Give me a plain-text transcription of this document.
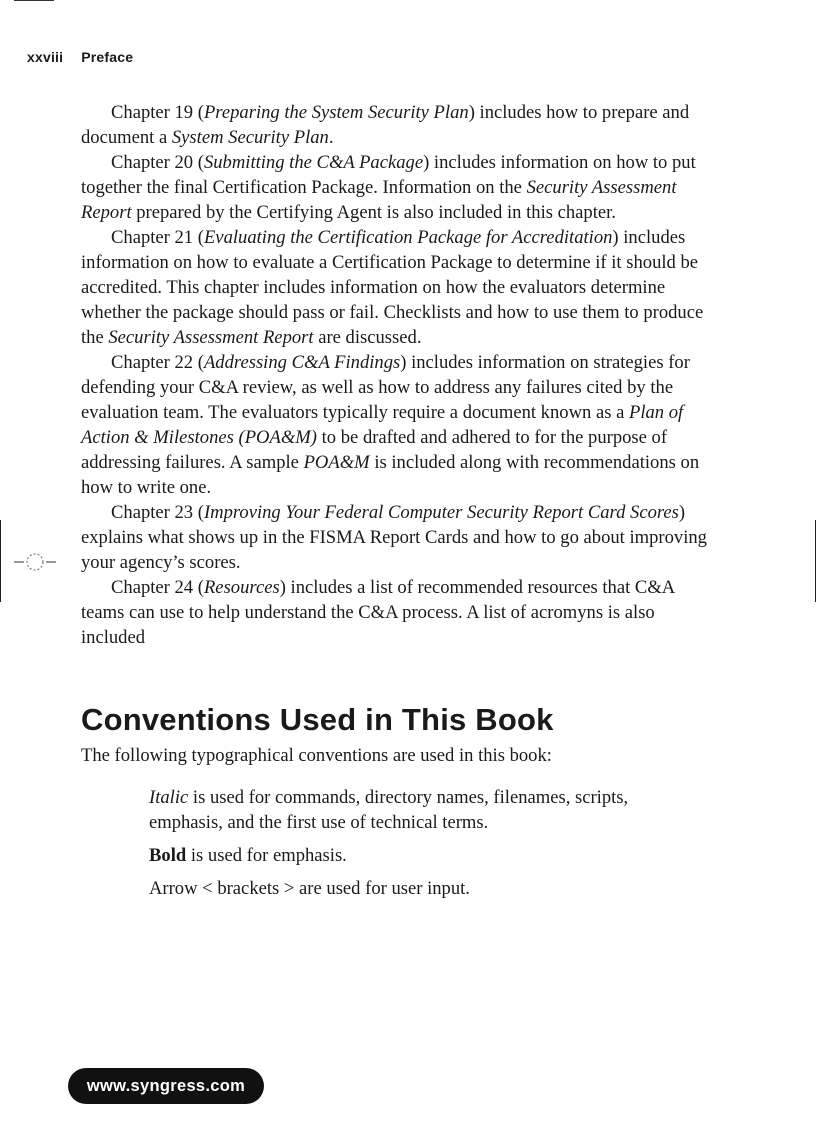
xxviii Preface

Chapter 19 (Preparing the System Security Plan) includes how to prepare and document a System Security Plan.

Chapter 20 (Submitting the C&A Package) includes information on how to put together the final Certification Package. Information on the Security Assessment Report prepared by the Certifying Agent is also included in this chapter.

Chapter 21 (Evaluating the Certification Package for Accreditation) includes information on how to evaluate a Certification Package to determine if it should be accredited. This chapter includes information on how the evaluators determine whether the package should pass or fail. Checklists and how to use them to produce the Security Assessment Report are discussed.

Chapter 22 (Addressing C&A Findings) includes information on strategies for defending your C&A review, as well as how to address any failures cited by the evaluation team. The evaluators typically require a document known as a Plan of Action & Milestones (POA&M) to be drafted and adhered to for the purpose of addressing failures. A sample POA&M is included along with recommendations on how to write one.

Chapter 23 (Improving Your Federal Computer Security Report Card Scores) explains what shows up in the FISMA Report Cards and how to go about improving your agency’s scores.

Chapter 24 (Resources) includes a list of recommended resources that C&A teams can use to help understand the C&A process. A list of acromyns is also included

Conventions Used in This Book

The following typographical conventions are used in this book:

Italic is used for commands, directory names, filenames, scripts, emphasis, and the first use of technical terms.

Bold is used for emphasis.

Arrow < brackets > are used for user input.

www.syngress.com
